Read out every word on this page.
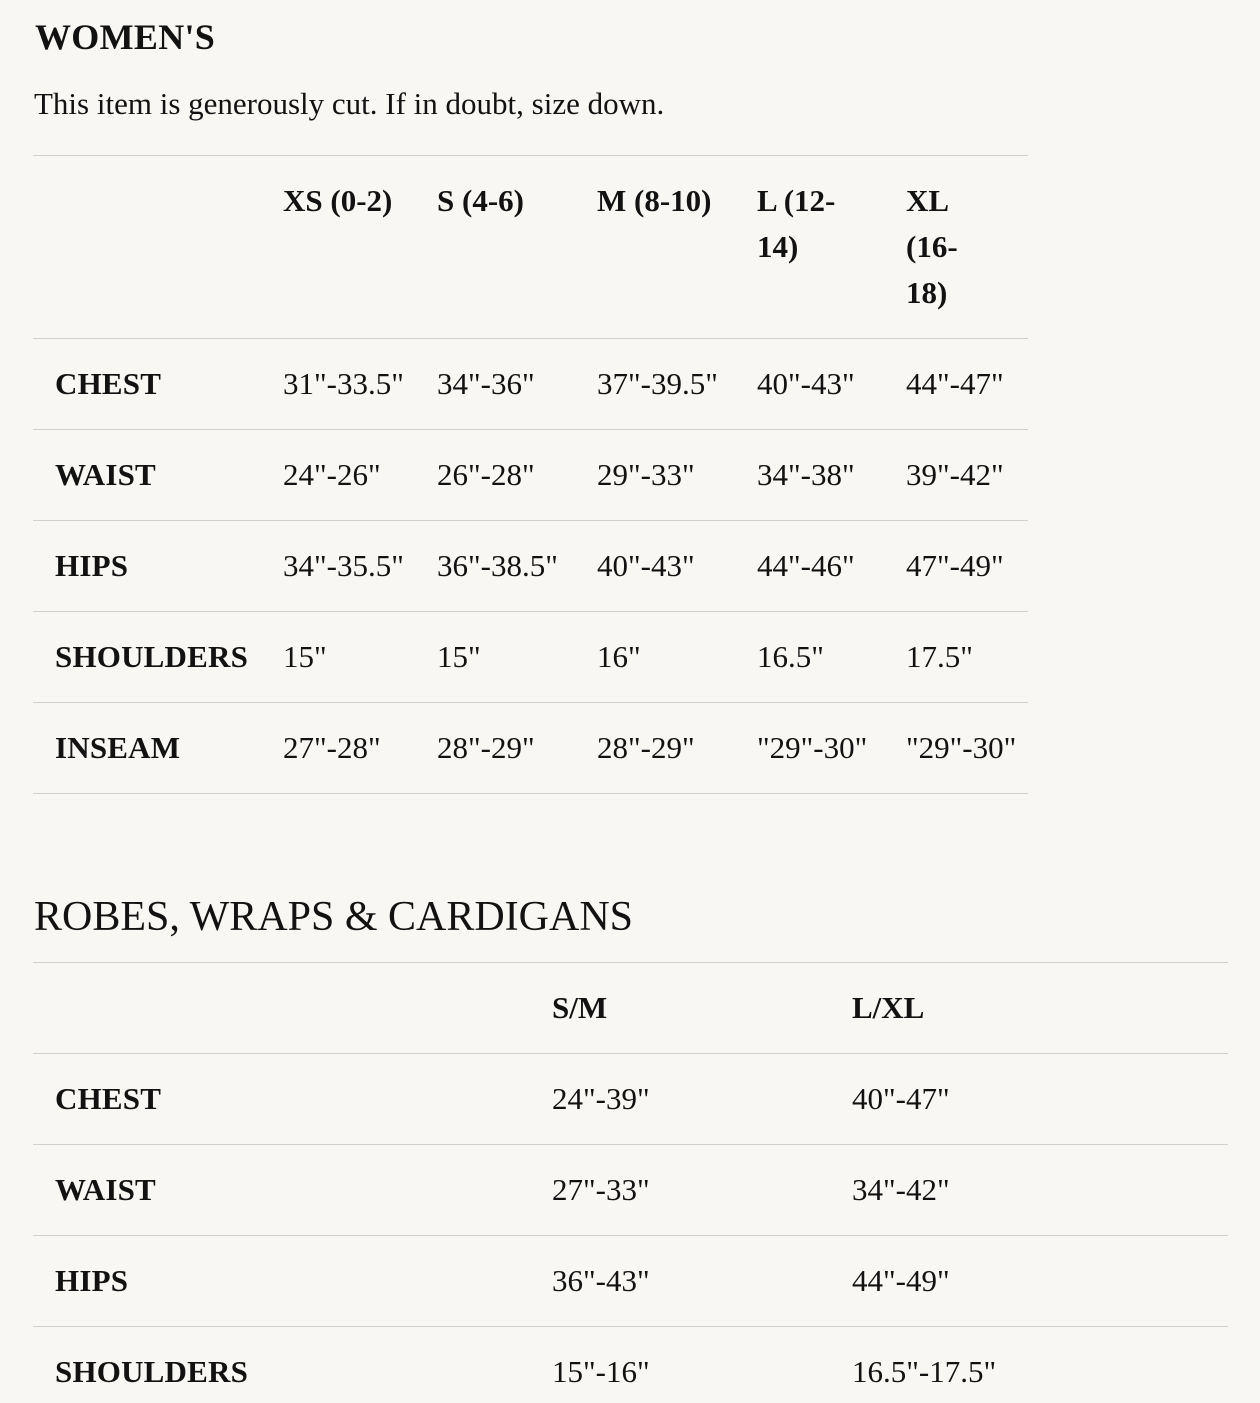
WOMEN'S

This item is generously cut. If in doubt, size down.

	XS (0-2)	S (4-6)	M (8-10)	L (12-14)	XL (16-18)
CHEST	31"-33.5"	34"-36"	37"-39.5"	40"-43"	44"-47"
WAIST	24"-26"	26"-28"	29"-33"	34"-38"	39"-42"
HIPS	34"-35.5"	36"-38.5"	40"-43"	44"-46"	47"-49"
SHOULDERS	15"	15"	16"	16.5"	17.5"
INSEAM	27"-28"	28"-29"	28"-29"	"29"-30"	"29"-30"
ROBES, WRAPS & CARDIGANS
	S/M	L/XL
CHEST	24"-39"	40"-47"
WAIST	27"-33"	34"-42"
HIPS	36"-43"	44"-49"
SHOULDERS	15"-16"	16.5"-17.5"
